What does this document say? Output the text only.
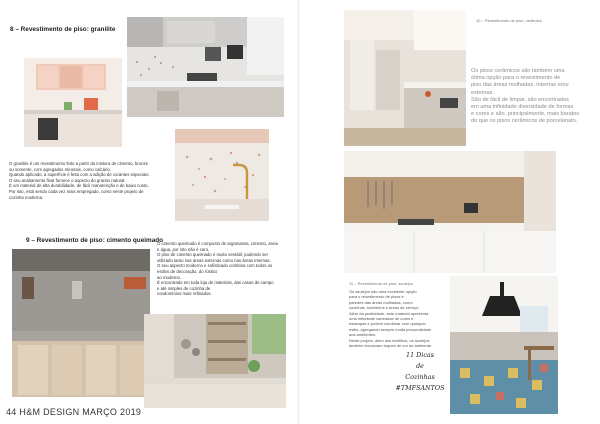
8 – Revestimento de piso: granilite
O granilite é um revestimento feito a partir da mistura de cimento, bronze
ou somente, com agregados minerais, como calcário.
Quando aplicado, a superfície é feita com a adição de corantes especiais.
O seu acabamento final fornece o aspecto do granito natural.
É um material de alta durabilidade, de fácil manutenção e de baixo custo.
Por isto, está sendo cada vez mais empregado, como neste projeto de
cozinha moderna.
9 – Revestimento de piso: cimento queimado
O cimento queimado é composto de argamassa, cimento, areia
e água, por isto não é caro.
O piso de cimento queimado é muito versátil, podendo ser
utilizado tanto nas áreas externas como nas áreas internas.
O seu aspecto moderno e sofisticado combina com todos os
estilos de decoração, do rústico
ao moderno.
É encontrado em toda loja de materiais, das casas de campo
e até simples de cozinha de
condomínios mais refinados.
44 H&M DESIGN MARÇO 2019
10 – Revestimento de piso: cerâmico
Os pisos cerâmicos são também uma
ótima opção para o revestimento de
piso das áreas molhadas, internas e/ou
externas.
São de fácil de limpar, são encontrados
em uma infinidade diversidade de formas
e cores e são, principalmente, mais baratos
do que os pisos cerâmicos de porcelanato.
11 – Revestimento de piso: azulejos
Os azulejos são uma excelente opção
para o revestimento de pisos e
paredes das áreas molhadas, como
cozinhas, banheiros e áreas de serviço.
Além da praticidade, este material apresenta
uma infinidade variedade de cores e
estampas e podem combinar com qualquer
estilo, agregando sempre muita personalidade
aos ambientes.
Neste projeto, além dos ladrilhos, os azulejos
também trouxeram toques de cor ao ambiente.
11 Dicas
de
Cozinhas
#TMFSANTOS
